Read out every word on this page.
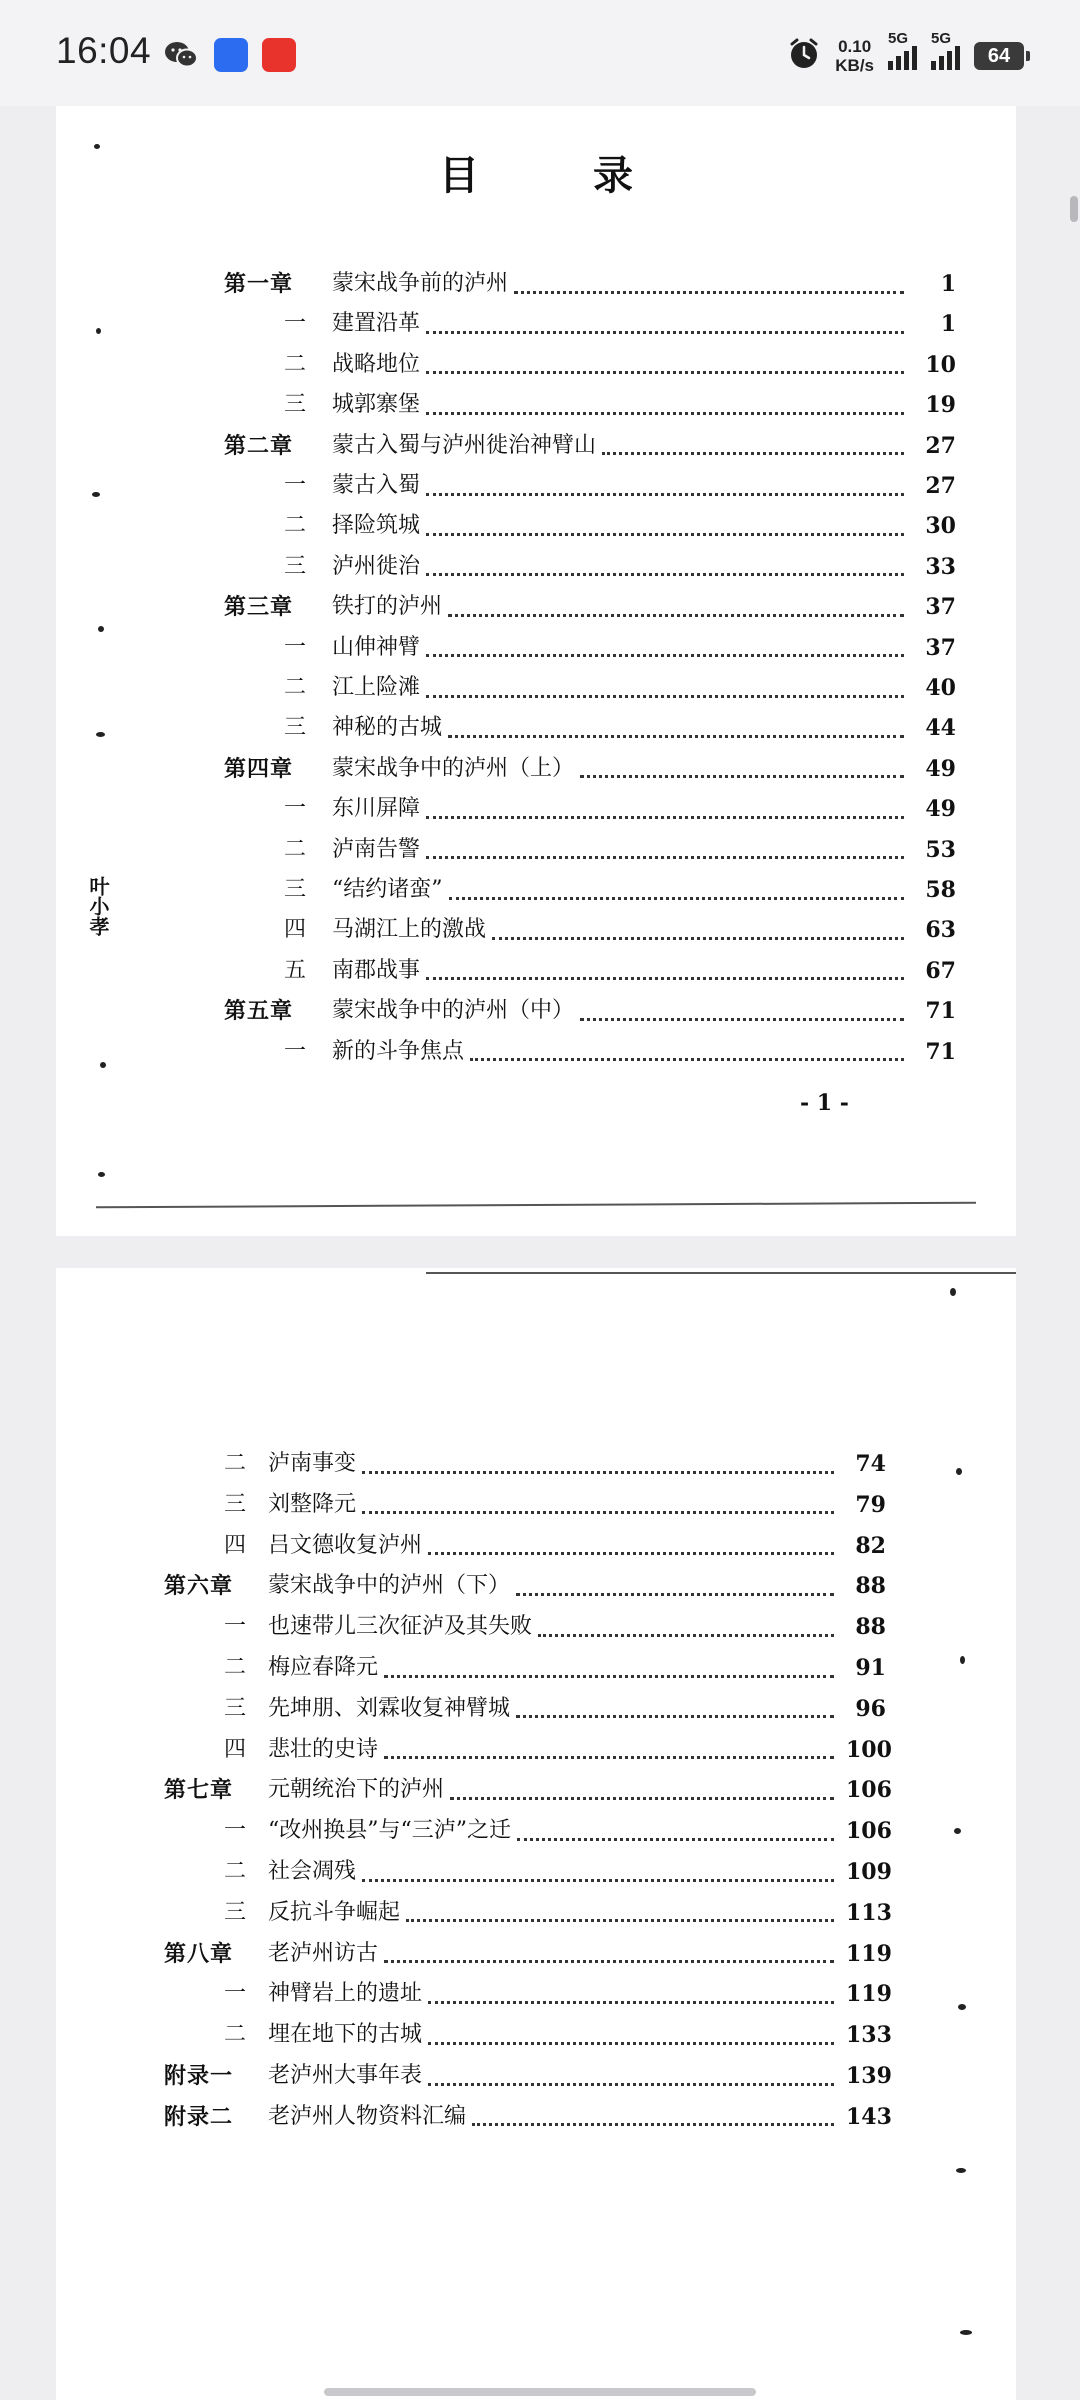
16:04	0.10
KB/s
5G 5G
64
目 录
第一章 蒙宋战争前的泸州	1
一 建置沿革	1
二 战略地位	10
三 城郭寨堡	19
第二章 蒙古入蜀与泸州徙治神臂山	27
一 蒙古入蜀	27
二 择险筑城	30
三 泸州徙治	33
第三章 铁打的泸州	37
一 山伸神臂	37
二 江上险滩	40
三 神秘的古城	44
第四章 蒙宋战争中的泸州（上）	49
一 东川屏障	49
二 泸南告警	53
三 “结约诸蛮”	58
四 马湖江上的激战	63
五 南郡战事	67
第五章 蒙宋战争中的泸州（中）	71
一 新的斗争焦点	71
- 1 -
叶小孝
二 泸南事变	74
三 刘整降元	79
四 吕文德收复泸州	82
第六章 蒙宋战争中的泸州（下）	88
一 也速带儿三次征泸及其失败	88
二 梅应春降元	91
三 先坤朋、刘霖收复神臂城	96
四 悲壮的史诗	100
第七章 元朝统治下的泸州	106
一 “改州换县”与“三泸”之迁	106
二 社会凋残	109
三 反抗斗争崛起	113
第八章 老泸州访古	119
一 神臂岩上的遗址	119
二 埋在地下的古城	133
附录一 老泸州大事年表	139
附录二 老泸州人物资料汇编	143
